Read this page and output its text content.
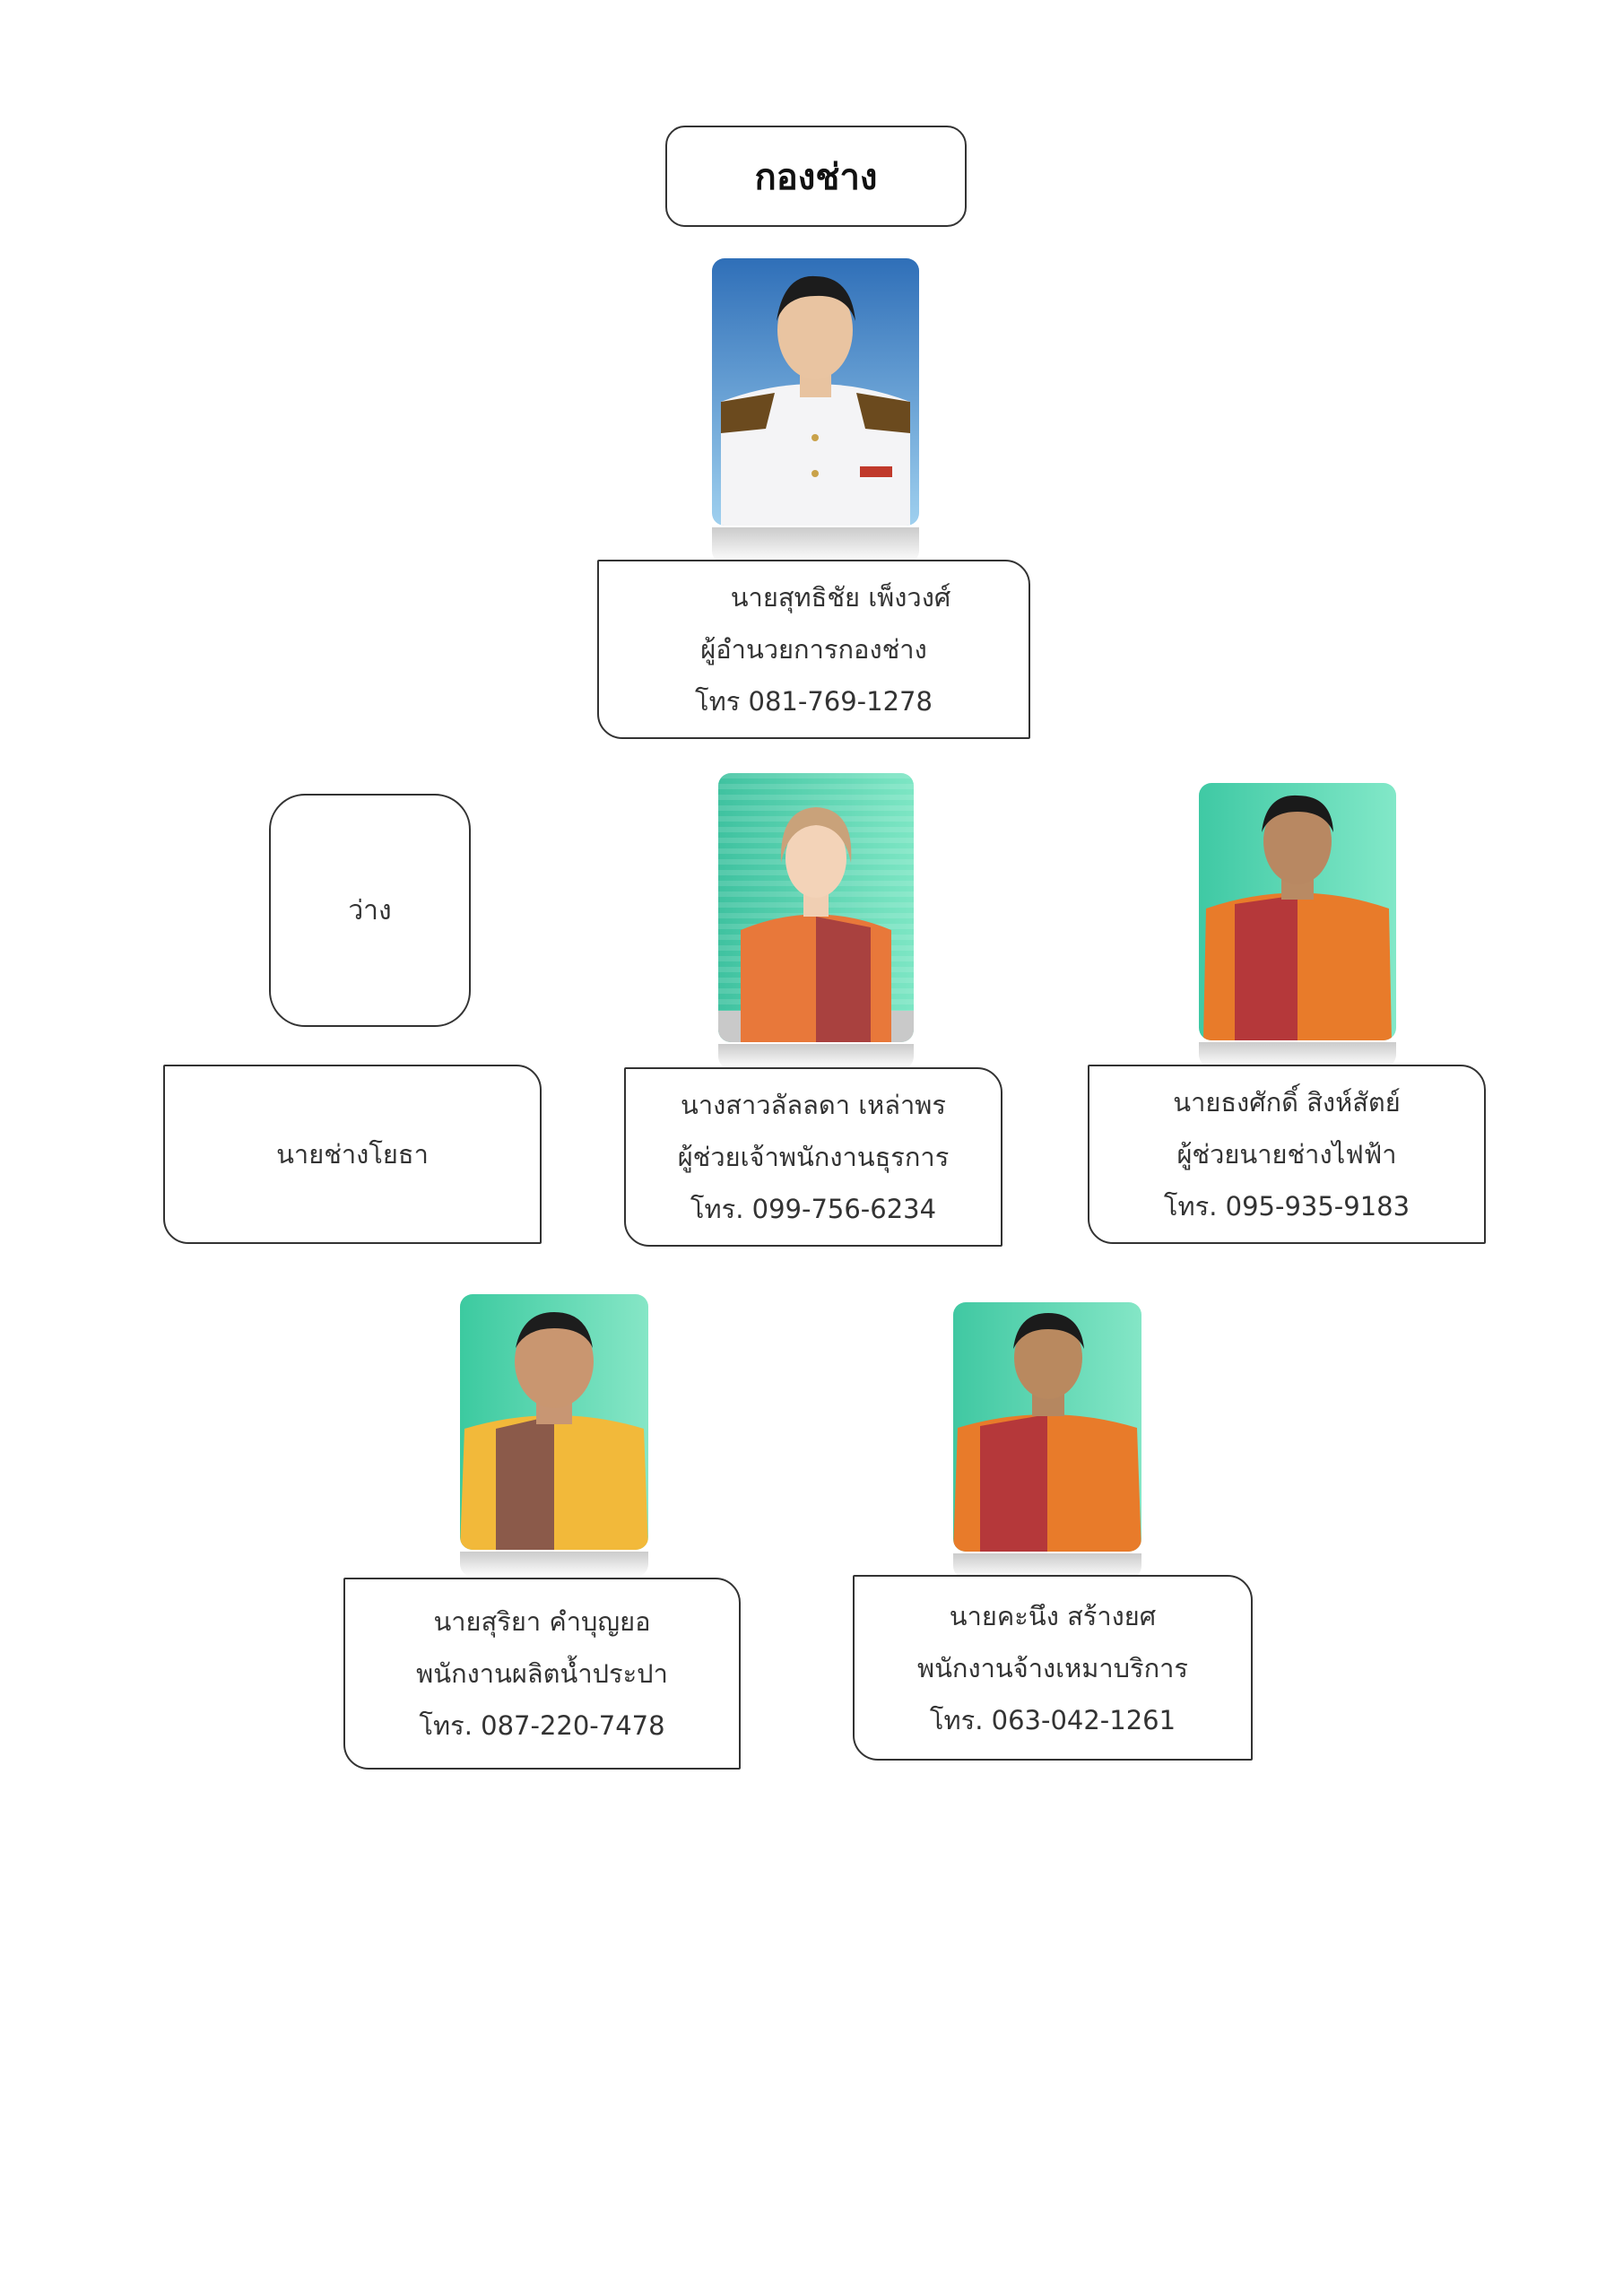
กองช่าง
นายสุทธิชัย เพ็งวงศ์
ผู้อำนวยการกองช่าง
โทร 081-769-1278
ว่าง
นายช่างโยธา
นางสาวลัลลดา เหล่าพร
ผู้ช่วยเจ้าพนักงานธุรการ
โทร. 099-756-6234
นายธงศักดิ์ สิงห์สัตย์
ผู้ช่วยนายช่างไฟฟ้า
โทร. 095-935-9183
นายสุริยา คำบุญยอ
พนักงานผลิตน้ำประปา
โทร. 087-220-7478
นายคะนึง สร้างยศ
พนักงานจ้างเหมาบริการ
โทร. 063-042-1261
